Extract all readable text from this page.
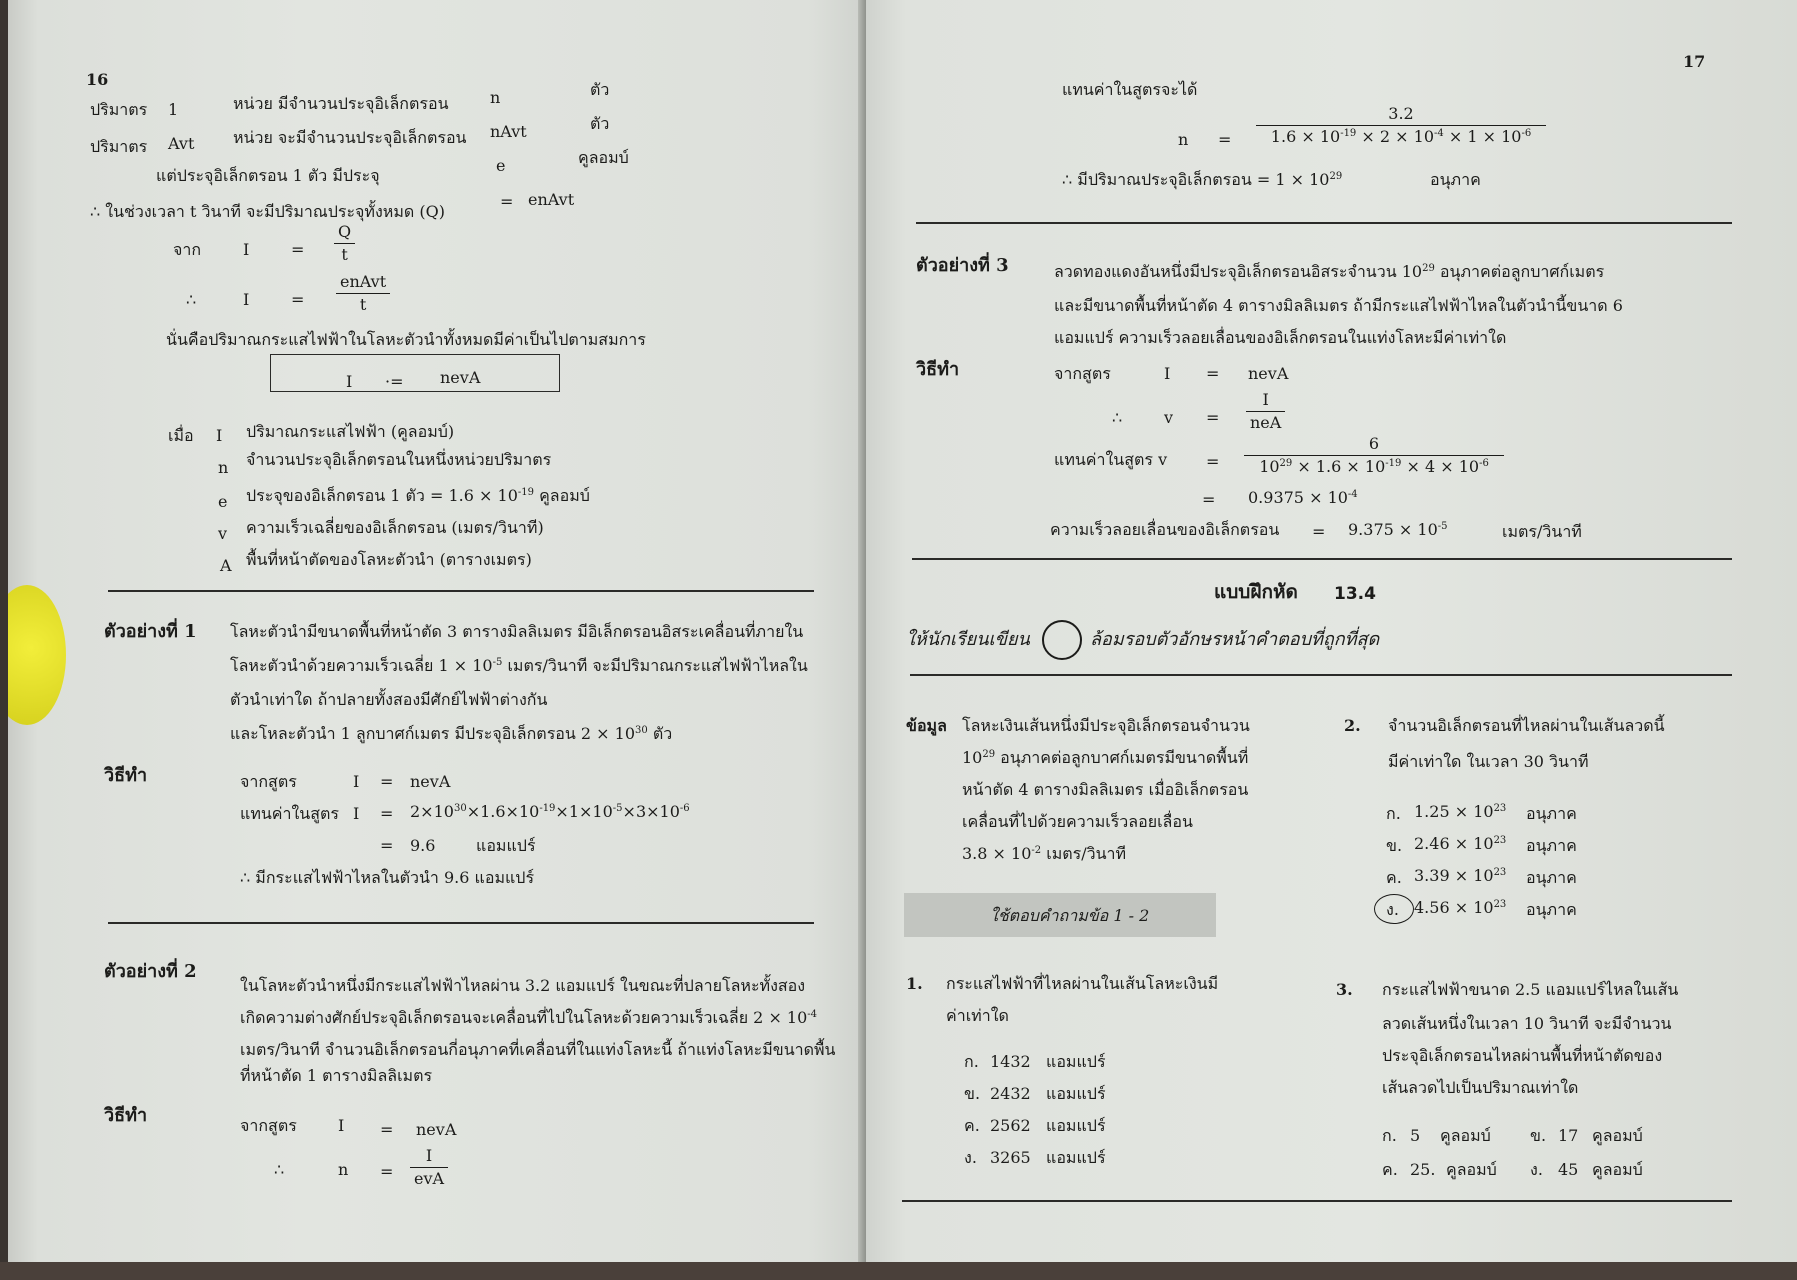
16
ปริมาตร 1	หน่วย มีจำนวนประจุอิเล็กตรอน	n	ตัว
ปริมาตร Avt หน่วย จะมีจำนวนประจุอิเล็กตรอน nAvt	ตัว
แต่ประจุอิเล็กตรอน 1 ตัว มีประจุ
e	คูลอมบ์
∴ ในช่วงเวลา t วินาที จะมีปริมาณประจุทั้งหมด (Q)
= enAvt
จาก	I	= $\frac{Q}{t}$
∴	I	=
enAvt
t
นั่นคือปริมาณกระแสไฟฟ้าในโลหะตัวนำทั้งหมดมีค่าเป็นไปตามสมการ
I ·= nevA
เมื่อ I ปริมาณกระแสไฟฟ้า (คูลอมบ์)
n จำนวนประจุอิเล็กตรอนในหนึ่งหน่วยปริมาตร
e ประจุของอิเล็กตรอน 1 ตัว = $1.6 \times 10^{-19}$ คูลอมบ์
v ความเร็วเฉลี่ยของอิเล็กตรอน (เมตร/วินาที)
A พื้นที่หน้าตัดของโลหะตัวนำ (ตารางเมตร)
ตัวอย่างที่ 1 โลหะตัวนำมีขนาดพื้นที่หน้าตัด 3 ตารางมิลลิเมตร มีอิเล็กตรอนอิสระเคลื่อนที่ภายใน
โลหะตัวนำด้วยความเร็วเฉลี่ย $1 \times 10^{-5}$ เมตร/วินาที จะมีปริมาณกระแสไฟฟ้าไหลใน
ตัวนำเท่าใด ถ้าปลายทั้งสองมีศักย์ไฟฟ้าต่างกัน
และโหละตัวนำ 1 ลูกบาศก์เมตร มีประจุอิเล็กตรอน $2 \times 10^{30}$ ตัว
วิธีทำ	จากสูตร	I = nevA
แทนค่าในสูตร $I = 2\times 10^{30}\times 1.6\times 10^{-19}\times 1\times 10^{-5}\times 3\times 10^{-6}$
= 9.6	แอมแปร์
∴ มีกระแสไฟฟ้าไหลในตัวนำ 9.6 แอมแปร์
ตัวอย่างที่ 2
ในโลหะตัวนำหนึ่งมีกระแสไฟฟ้าไหลผ่าน 3.2 แอมแปร์ ในขณะที่ปลายโลหะทั้งสอง
เกิดความต่างศักย์ประจุอิเล็กตรอนจะเคลื่อนที่ไปในโลหะด้วยความเร็วเฉลี่ย $2 \times 10^{-4}$
เมตร/วินาที จำนวนอิเล็กตรอนกี่อนุภาคที่เคลื่อนที่ในแท่งโลหะนี้ ถ้าแท่งโลหะมีขนาดพื้น
ที่หน้าตัด 1 ตารางมิลลิเมตร
วิธีทำ	จากสูตร	I = nevA
∴	n =
I
evA
17
แทนค่าในสูตรจะได้
$n = \frac{3.2}{1.6 \times 10^{-19} \times 2 \times 10^{-4} \times 1 \times 10^{-6}}$
∴ มีปริมาณประจุอิเล็กตรอน = $1 \times 10^{29}$	อนุภาค
ตัวอย่างที่ 3	ลวดทองแดงอันหนึ่งมีประจุอิเล็กตรอนอิสระจำนวน $10^{29}$ อนุภาคต่อลูกบาศก์เมตร
และมีขนาดพื้นที่หน้าตัด 4 ตารางมิลลิเมตร ถ้ามีกระแสไฟฟ้าไหลในตัวนำนี้ขนาด 6
แอมแปร์ ความเร็วลอยเลื่อนของอิเล็กตรอนในแท่งโลหะมีค่าเท่าใด
วิธีทำ	จากสูตร	I = nevA
∴	v =
I
neA
แทนค่าในสูตร $v = \frac{6}{10^{29} \times 1.6 \times 10^{-19} \times 4 \times 10^{-6}}$
= $0.9375 \times 10^{-4}$
ความเร็วลอยเลื่อนของอิเล็กตรอน = $9.375 \times 10^{-5}$	เมตร/วินาที
แบบฝึกหัด 13.4
ให้นักเรียนเขียน	ล้อมรอบตัวอักษรหน้าคำตอบที่ถูกที่สุด
ข้อมูล โลหะเงินเส้นหนึ่งมีประจุอิเล็กตรอนจำนวน
$10^{29}$ อนุภาคต่อลูกบาศก์เมตรมีขนาดพื้นที่
หน้าตัด 4 ตารางมิลลิเมตร เมื่ออิเล็กตรอน
เคลื่อนที่ไปด้วยความเร็วลอยเลื่อน
$3.8 \times 10^{-2}$ เมตร/วินาที
ใช้ตอบคำถามข้อ 1 - 2
1. กระแสไฟฟ้าที่ไหลผ่านในเส้นโลหะเงินมี
ค่าเท่าใด
ก. 1432 แอมแปร์
ข. 2432 แอมแปร์
ค. 2562 แอมแปร์
ง. 3265 แอมแปร์
2. จำนวนอิเล็กตรอนที่ไหลผ่านในเส้นลวดนี้
มีค่าเท่าใด ในเวลา 30 วินาที
ก. $1.25 \times 10^{23}$ อนุภาค
ข. $2.46 \times 10^{23}$ อนุภาค
ค. $3.39 \times 10^{23}$ อนุภาค
ง. $4.56 \times 10^{23}$ อนุภาค
3. กระแสไฟฟ้าขนาด 2.5 แอมแปร์ไหลในเส้น
ลวดเส้นหนึ่งในเวลา 10 วินาที จะมีจำนวน
ประจุอิเล็กตรอนไหลผ่านพื้นที่หน้าตัดของ
เส้นลวดไปเป็นปริมาณเท่าใด
ก. 5 คูลอมบ์ ข. 17 คูลอมบ์
ค. 25. คูลอมบ์ ง. 45 คูลอมบ์
